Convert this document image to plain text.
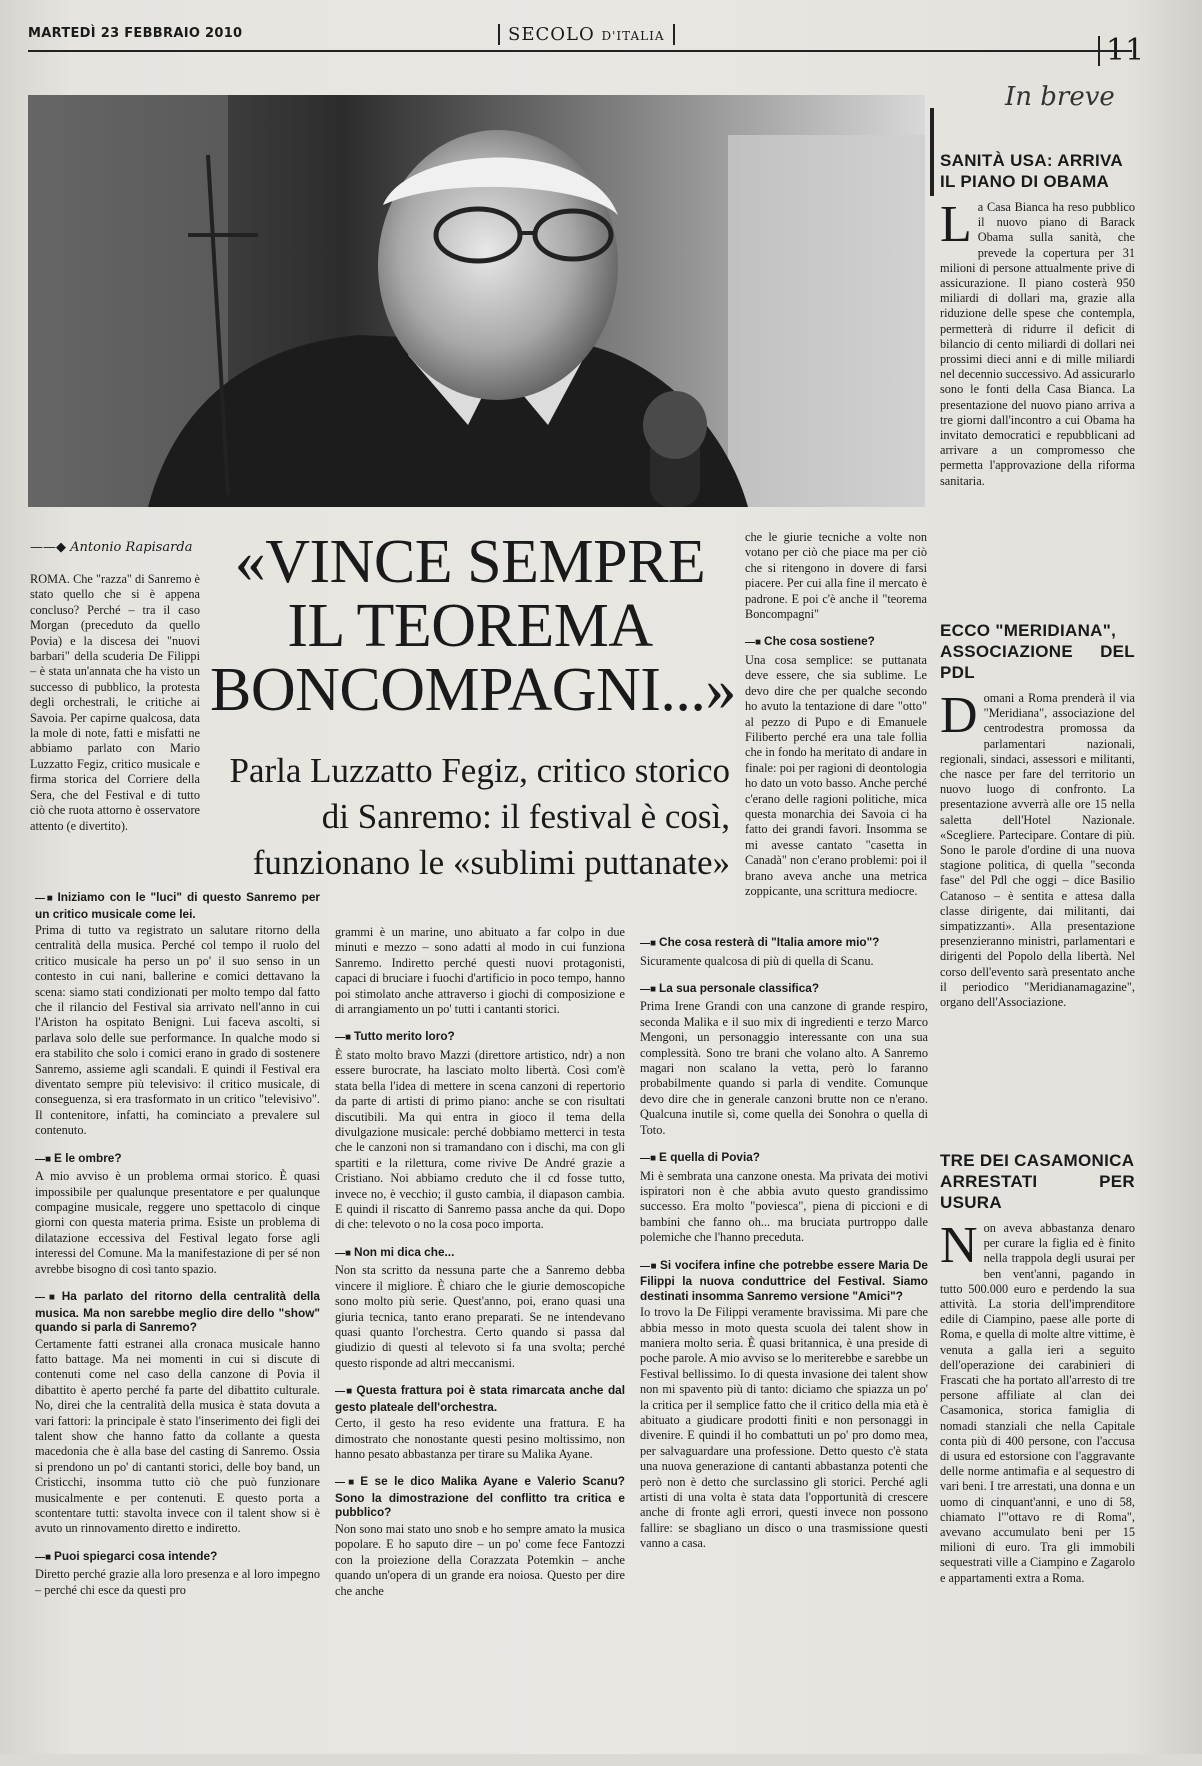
MARTEDÌ 23 FEBBRAIO 2010	SECOLO D'ITALIA	11
——◆ Antonio Rapisarda «VINCE SEMPRE
IL TEOREMA
BONCOMPAGNI...»
Parla Luzzatto Fegiz, critico storico
di Sanremo: il festival è così,
funzionano le «sublimi puttanate»

ROMA. Che "razza" di Sanremo è stato quello che si è appena concluso? Perché – tra il caso Morgan (preceduto da quello Povia) e la discesa dei "nuovi barbari" della scuderia De Filippi – è stata un'annata che ha visto un successo di pubblico, la protesta degli orchestrali, le critiche ai Savoia. Per capirne qualcosa, data la mole di note, fatti e misfatti ne abbiamo parlato con Mario Luzzatto Fegiz, critico musicale e firma storica del Corriere della Sera, che del Festival e di tutto ciò che ruota attorno è osservatore attento (e divertito).

che le giurie tecniche a volte non votano per ciò che piace ma per ciò che si ritengono in dovere di farsi piacere. Per cui alla fine il mercato è padrone. E poi c'è anche il "teorema Boncompagni"

—■ Che cosa sostiene?

Una cosa semplice: se puttanata deve essere, che sia sublime. Le devo dire che per qualche secondo ho avuto la tentazione di dare "otto" al pezzo di Pupo e di Emanuele Filiberto perché era una tale follia che in fondo ha meritato di andare in finale: poi per ragioni di deontologia ho dato un voto basso. Anche perché c'erano delle ragioni politiche, mica questa monarchia dei Savoia ci ha fatto dei grandi favori. Insomma se mi avesse cantato "casetta in Canadà" non c'erano problemi: poi il brano aveva anche una metrica zoppicante, una scrittura mediocre.

—■ Iniziamo con le "luci" di questo Sanremo per un critico musicale come lei.

Prima di tutto va registrato un salutare ritorno della centralità della musica. Perché col tempo il ruolo del critico musicale ha perso un po' il suo senso in un contesto in cui nani, ballerine e comici dettavano la scena: siamo stati condizionati per molto tempo dal fatto che il rilancio del Festival sia arrivato nell'anno in cui l'Ariston ha ospitato Benigni. Lui faceva ascolti, si parlava solo delle sue performance. In qualche modo si era stabilito che solo i comici erano in grado di sostenere Sanremo, assieme agli scandali. E quindi il Festival era diventato sempre più televisivo: il critico musicale, di conseguenza, si era trasformato in un critico "televisivo". Il contenitore, infatti, ha cominciato a prevalere sul contenuto.

—■ E le ombre?

A mio avviso è un problema ormai storico. È quasi impossibile per qualunque presentatore e per qualunque compagine musicale, reggere uno spettacolo di cinque giorni con questa materia prima. Esiste un problema di dilatazione eccessiva del Festival legato forse agli interessi del Comune. Ma la manifestazione di per sé non avrebbe bisogno di così tanto spazio.

—■ Ha parlato del ritorno della centralità della musica. Ma non sarebbe meglio dire dello "show" quando si parla di Sanremo?

Certamente fatti estranei alla cronaca musicale hanno fatto battage. Ma nei momenti in cui si discute di contenuti come nel caso della canzone di Povia il dibattito è aperto perché fa parte del dibattito culturale. No, direi che la centralità della musica è stata dovuta a vari fattori: la principale è stato l'inserimento dei figli dei talent show che hanno fatto da collante a questa macedonia che è alla base del casting di Sanremo. Ossia si prendono un po' di cantanti storici, delle boy band, un Cristicchi, insomma tutto ciò che può funzionare musicalmente e per contenuti. E questo porta a scontentare tutti: stavolta invece con il talent show si è avuto un rinnovamento diretto e indiretto.

—■ Puoi spiegarci cosa intende?

Diretto perché grazie alla loro presenza e al loro impegno – perché chi esce da questi pro

grammi è un marine, uno abituato a far colpo in due minuti e mezzo – sono adatti al modo in cui funziona Sanremo. Indiretto perché questi nuovi protagonisti, capaci di bruciare i fuochi d'artificio in poco tempo, hanno poi stimolato anche attraverso i giochi di composizione e di arrangiamento un po' tutti i cantanti storici.

—■ Tutto merito loro?

È stato molto bravo Mazzi (direttore artistico, ndr) a non essere burocrate, ha lasciato molto libertà. Così com'è stata bella l'idea di mettere in scena canzoni di repertorio da parte di artisti di primo piano: anche se con risultati discutibili. Ma qui entra in gioco il tema della divulgazione musicale: perché dobbiamo metterci in testa che le canzoni non si tramandano con i dischi, ma con gli spartiti e la rilettura, come rivive De André grazie a Cristiano. Noi abbiamo creduto che il cd fosse tutto, invece no, è vecchio; il gusto cambia, il diapason cambia. E quindi il riscatto di Sanremo passa anche da qui. Dopo di che: televoto o no la cosa poco importa.

—■ Non mi dica che...

Non sta scritto da nessuna parte che a Sanremo debba vincere il migliore. È chiaro che le giurie demoscopiche sono molto più serie. Quest'anno, poi, erano quasi una giuria tecnica, tanto erano preparati. Se ne intendevano quasi quanto l'orchestra. Certo quando si passa dal giudizio di questi al televoto si fa una svolta; perché questo risponde ad altri meccanismi.

—■ Questa frattura poi è stata rimarcata anche dal gesto plateale dell'orchestra.

Certo, il gesto ha reso evidente una frattura. E ha dimostrato che nonostante questi pesino moltissimo, non hanno pesato abbastanza per tirare su Malika Ayane.

—■ E se le dico Malika Ayane e Valerio Scanu? Sono la dimostrazione del conflitto tra critica e pubblico?

Non sono mai stato uno snob e ho sempre amato la musica popolare. E ho saputo dire – un po' come fece Fantozzi con la proiezione della Corazzata Potemkin – anche quando un'opera di un grande era noiosa. Questo per dire che anche

—■ Che cosa resterà di "Italia amore mio"?

Sicuramente qualcosa di più di quella di Scanu.

—■ La sua personale classifica?

Prima Irene Grandi con una canzone di grande respiro, seconda Malika e il suo mix di ingredienti e terzo Marco Mengoni, un personaggio interessante con una sua complessità. Sono tre brani che volano alto. A Sanremo magari non scalano la vetta, però lo faranno probabilmente quando si parla di vendite. Comunque devo dire che in generale canzoni brutte non ce n'erano. Qualcuna inutile sì, come quella dei Sonohra o quella di Toto.

—■ E quella di Povia?

Mi è sembrata una canzone onesta. Ma privata dei motivi ispiratori non è che abbia avuto questo grandissimo successo. Era molto "poviesca", piena di piccioni e di bambini che fanno oh... ma bruciata purtroppo dalle polemiche che l'hanno preceduta.

—■ Si vocifera infine che potrebbe essere Maria De Filippi la nuova conduttrice del Festival. Siamo destinati insomma Sanremo versione "Amici"?

Io trovo la De Filippi veramente bravissima. Mi pare che abbia messo in moto questa scuola dei talent show in maniera molto seria. È quasi britannica, è una preside di poche parole. A mio avviso se lo meriterebbe e sarebbe un Festival bellissimo. Io di questa invasione dei talent show non mi spavento più di tanto: diciamo che spiazza un po' la critica per il semplice fatto che il critico della mia età è abituato a giudicare prodotti finiti e non personaggi in divenire. E quindi il ho combattuti un po' pro domo mea, per salvaguardare una professione. Detto questo c'è stata una nuova generazione di cantanti abbastanza potenti che però non è detto che surclassino gli storici. Perché agli artisti di una volta è stata data l'opportunità di crescere anche di fronte agli errori, questi invece non possono fallire: se sbagliano un disco o una trasmissione questi vanno a casa.

In breve
SANITÀ USA: ARRIVA
IL PIANO DI OBAMA
La Casa Bianca ha reso pubblico il nuovo piano di Barack Obama sulla sanità, che prevede la copertura per 31 milioni di persone attualmente prive di assicurazione. Il piano costerà 950 miliardi di dollari ma, grazie alla riduzione delle spese che contempla, permetterà di ridurre il deficit di bilancio di cento miliardi di dollari nei prossimi dieci anni e di mille miliardi nel decennio successivo. Ad assicurarlo sono le fonti della Casa Bianca. La presentazione del nuovo piano arriva a tre giorni dall'incontro a cui Obama ha invitato democratici e repubblicani ad arrivare a un compromesso che permetta l'approvazione della riforma sanitaria.
ECCO "MERIDIANA",
ASSOCIAZIONE DEL PDL
Domani a Roma prenderà il via "Meridiana", associazione del centrodestra promossa da parlamentari nazionali, regionali, sindaci, assessori e militanti, che nasce per fare del territorio un nuovo luogo di confronto. La presentazione avverrà alle ore 15 nella saletta dell'Hotel Nazionale. «Scegliere. Partecipare. Contare di più. Sono le parole d'ordine di una nuova stagione politica, di quella "seconda fase" del Pdl che oggi – dice Basilio Catanoso – è sentita e attesa dalla classe dirigente, dai militanti, dai simpatizzanti». Alla presentazione presenzieranno ministri, parlamentari e dirigenti del Popolo della libertà. Nel corso dell'evento sarà presentato anche il periodico "Meridianamagazine", organo dell'Associazione.
TRE DEI CASAMONICA
ARRESTATI PER USURA
Non aveva abbastanza denaro per curare la figlia ed è finito nella trappola degli usurai per ben vent'anni, pagando in tutto 500.000 euro e perdendo la sua attività. La storia dell'imprenditore edile di Ciampino, paese alle porte di Roma, e quella di molte altre vittime, è venuta a galla ieri a seguito dell'operazione dei carabinieri di Frascati che ha portato all'arresto di tre persone affiliate al clan dei Casamonica, storica famiglia di nomadi stanziali che nella Capitale conta più di 400 persone, con l'accusa di usura ed estorsione con l'aggravante delle norme antimafia e al sequestro di vari beni. I tre arrestati, una donna e un uomo di cinquant'anni, e uno di 58, chiamato l'"ottavo re di Roma", avevano accumulato beni per 15 milioni di euro. Tra gli immobili sequestrati ville a Ciampino e Zagarolo e appartamenti extra a Roma.
